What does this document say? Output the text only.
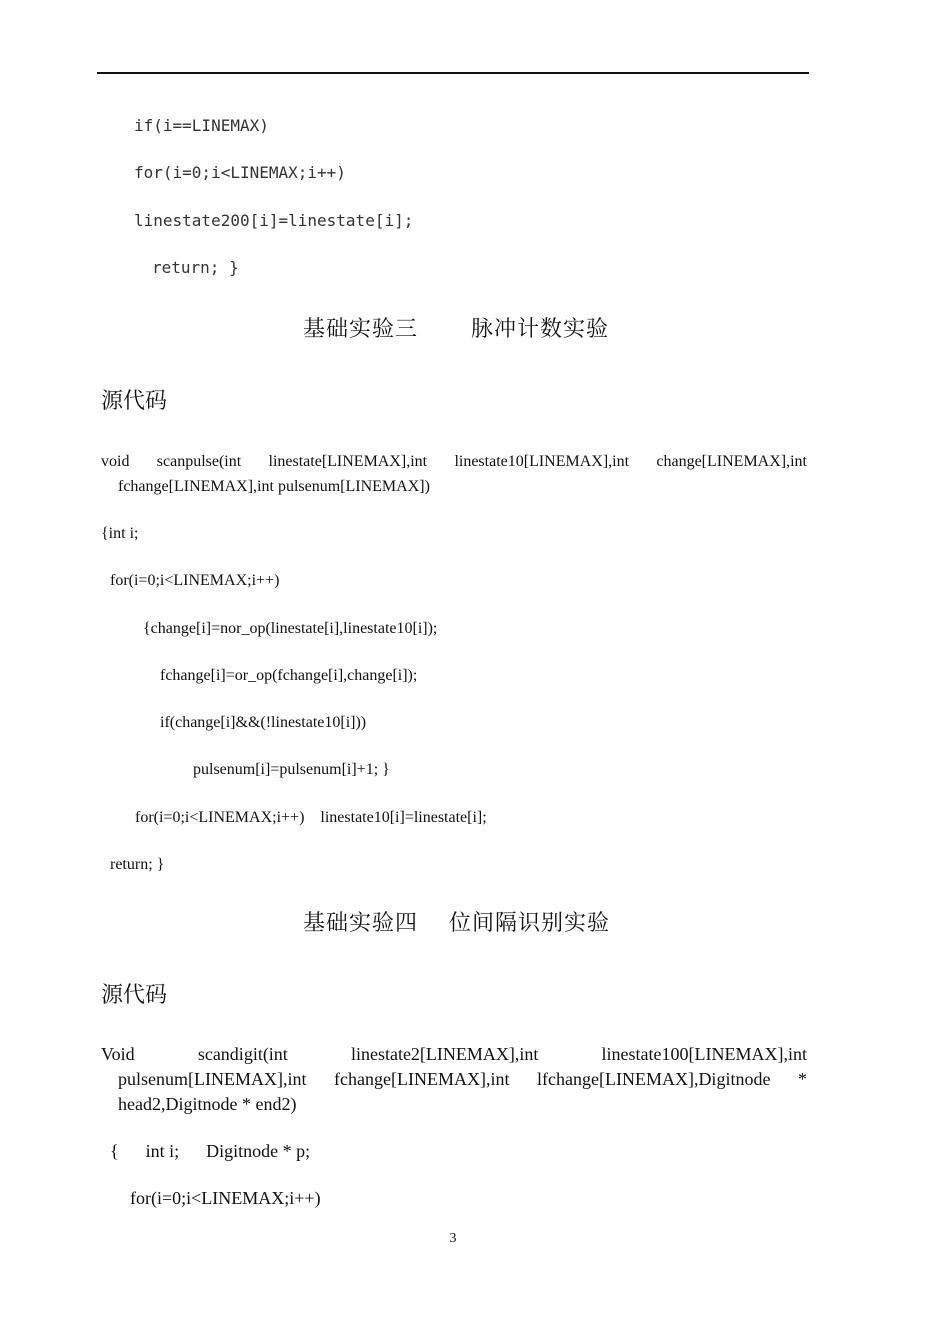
if(i==LINEMAX)
for(i=0;i<LINEMAX;i++)
linestate200[i]=linestate[i];
return; }
基础实验三 脉冲计数实验
源代码
void scanpulse(int linestate[LINEMAX],int linestate10[LINEMAX],int change[LINEMAX],int
fchange[LINEMAX],int pulsenum[LINEMAX])
{int i;
for(i=0;i<LINEMAX;i++)
{change[i]=nor_op(linestate[i],linestate10[i]);
fchange[i]=or_op(fchange[i],change[i]);
if(change[i]&&(!linestate10[i]))
pulsenum[i]=pulsenum[i]+1; }
for(i=0;i<LINEMAX;i++)    linestate10[i]=linestate[i];
return; }
基础实验四 位间隔识别实验
源代码
Void	scandigit(int	linestate2[LINEMAX],int	linestate100[LINEMAX],int
pulsenum[LINEMAX],int fchange[LINEMAX],int lfchange[LINEMAX],Digitnode *
head2,Digitnode * end2)
{      int i;      Digitnode * p;
for(i=0;i<LINEMAX;i++)
3
